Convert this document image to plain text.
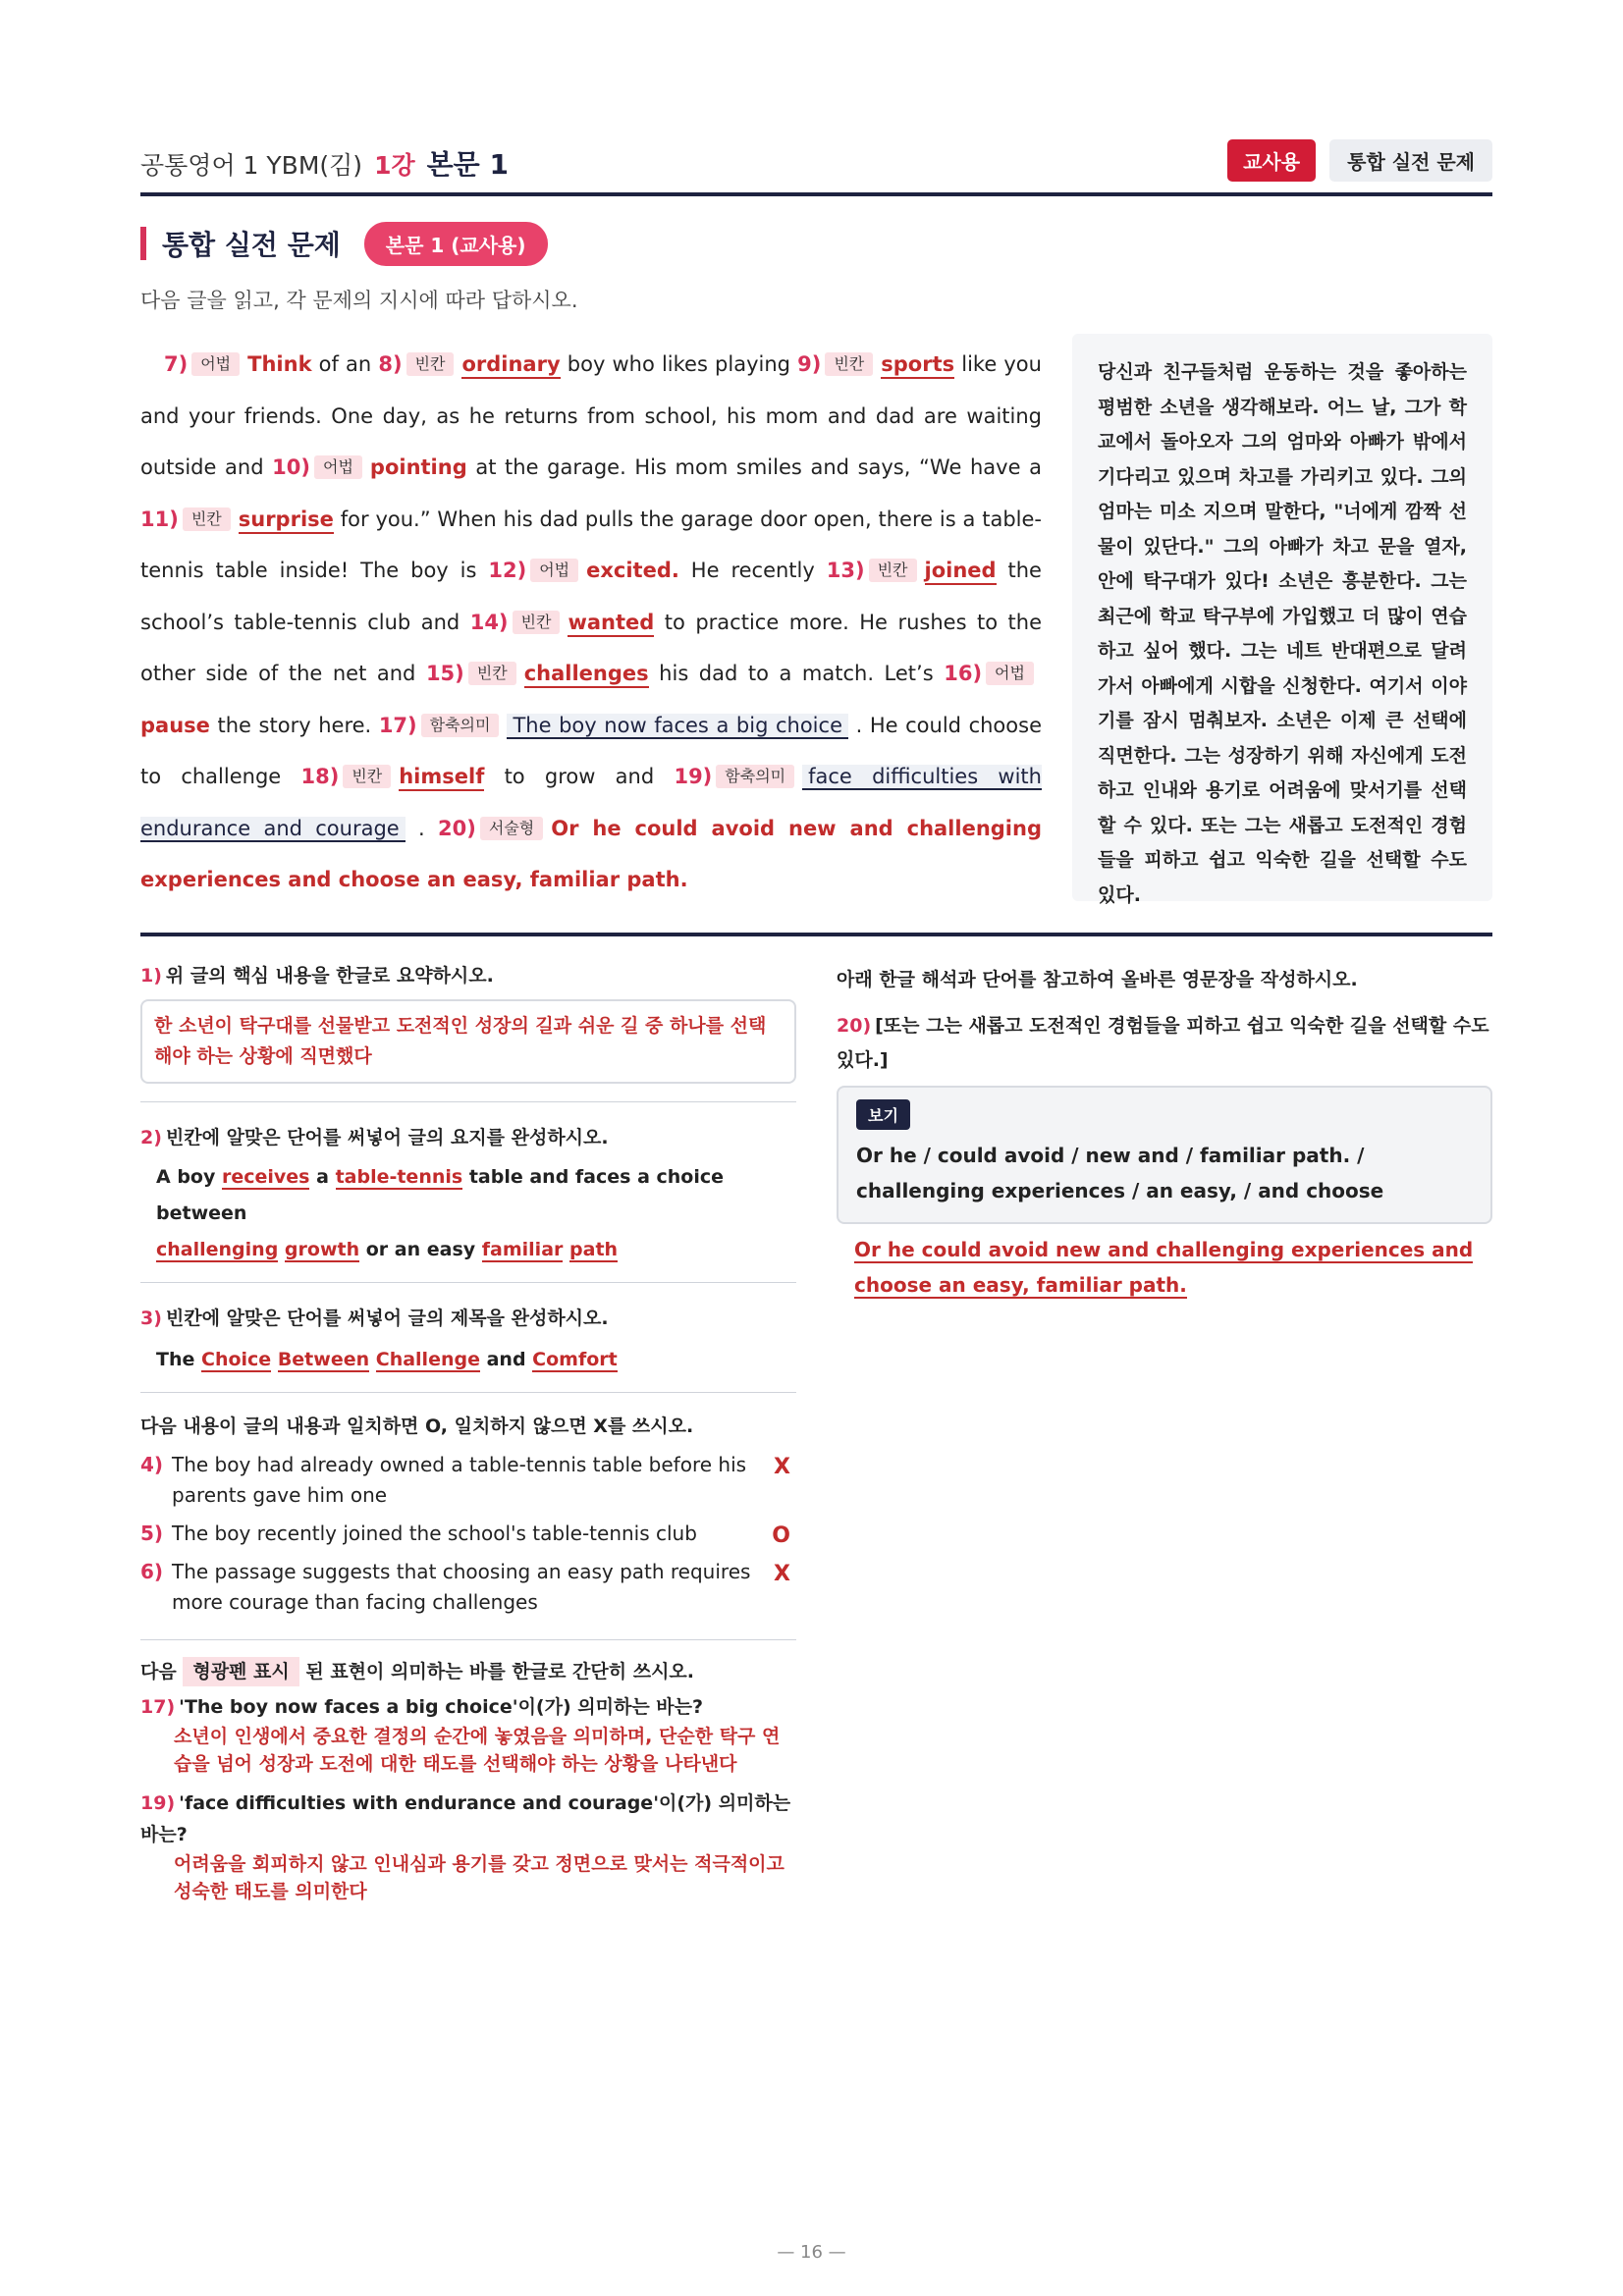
공통영어 1 YBM(김) 1강 본문 1	교사용	통합 실전 문제
통합 실전 문제	본문 1 (교사용)
다음 글을 읽고, 각 문제의 지시에 따라 답하시오.
7) 어법 Think of an 8) 빈칸 ordinary boy who likes playing 9) 빈칸 sports like you and your friends. One day, as he returns from school, his mom and dad are waiting outside and 10) 어법 pointing at the garage. His mom smiles and says, “We have a 11) 빈칸 surprise for you.” When his dad pulls the garage door open, there is a table-tennis table inside! The boy is 12) 어법 excited. He recently 13) 빈칸 joined the school’s table-tennis club and 14) 빈칸 wanted to practice more. He rushes to the other side of the net and 15) 빈칸 challenges his dad to a match. Let’s 16) 어법pause the story here. 17) 함축의미 The boy now faces a big choice . He could choose to challenge 18) 빈칸 himself to grow and 19) 함축의미 face difficulties with endurance and courage . 20) 서술형 Or he could avoid new and challenging experiences and choose an easy, familiar path.
당신과 친구들처럼 운동하는 것을 좋아하는 평범한 소년을 생각해보라. 어느 날, 그가 학교에서 돌아오자 그의 엄마와 아빠가 밖에서 기다리고 있으며 차고를 가리키고 있다. 그의 엄마는 미소 지으며 말한다, "너에게 깜짝 선물이 있단다." 그의 아빠가 차고 문을 열자, 안에 탁구대가 있다! 소년은 흥분한다. 그는 최근에 학교 탁구부에 가입했고 더 많이 연습하고 싶어 했다. 그는 네트 반대편으로 달려가서 아빠에게 시합을 신청한다. 여기서 이야기를 잠시 멈춰보자. 소년은 이제 큰 선택에 직면한다. 그는 성장하기 위해 자신에게 도전하고 인내와 용기로 어려움에 맞서기를 선택할 수 있다. 또는 그는 새롭고 도전적인 경험들을 피하고 쉽고 익숙한 길을 선택할 수도 있다.
1) 위 글의 핵심 내용을 한글로 요약하시오.
한 소년이 탁구대를 선물받고 도전적인 성장의 길과 쉬운 길 중 하나를 선택해야 하는 상황에 직면했다
2) 빈칸에 알맞은 단어를 써넣어 글의 요지를 완성하시오.
A boy receives a table-tennis table and faces a choice between
challenging growth or an easy familiar path
3) 빈칸에 알맞은 단어를 써넣어 글의 제목을 완성하시오.
The Choice Between Challenge and Comfort
다음 내용이 글의 내용과 일치하면 O, 일치하지 않으면 X를 쓰시오.
4) The boy had already owned a table-tennis table before his parents gave him one
X
5) The boy recently joined the school's table-tennis club	O
6) The passage suggests that choosing an easy path requires more courage than facing challenges
X
다음 형광펜 표시 된 표현이 의미하는 바를 한글로 간단히 쓰시오.
17) 'The boy now faces a big choice'이(가) 의미하는 바는?
소년이 인생에서 중요한 결정의 순간에 놓였음을 의미하며, 단순한 탁구 연습을 넘어 성장과 도전에 대한 태도를 선택해야 하는 상황을 나타낸다
19) 'face difficulties with endurance and courage'이(가) 의미하는 바는?
어려움을 회피하지 않고 인내심과 용기를 갖고 정면으로 맞서는 적극적이고 성숙한 태도를 의미한다
아래 한글 해석과 단어를 참고하여 올바른 영문장을 작성하시오.
20) [또는 그는 새롭고 도전적인 경험들을 피하고 쉽고 익숙한 길을 선택할 수도 있다.]
보기
Or he / could avoid / new and / familiar path. / challenging experiences / an easy, / and choose
Or he could avoid new and challenging experiences and choose an easy, familiar path.
— 16 —
